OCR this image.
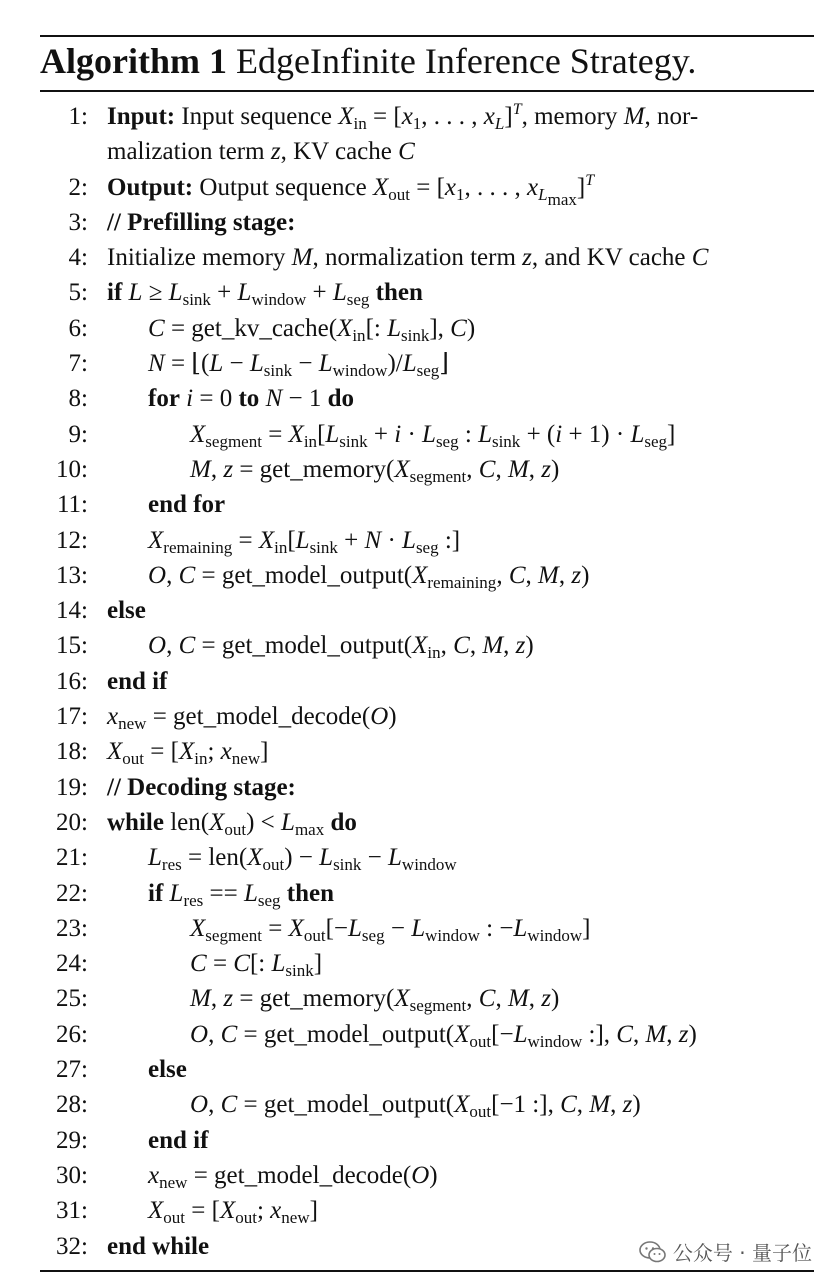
Algorithm 1 EdgeInfinite Inference Strategy.
1: Input: Input sequence $X_{in} = [x_1$, . . . , $x_L]^T$, memory M, nor-
malization term z, KV cache C
2: Output: Output sequence $X_{out} = [x_1$, . . . , $x_{L_{max}}]^T$
3: // Prefilling stage:
4: Initialize memory M, normalization term z, and KV cache C
5: if $L \ge L_{sink} + L_{window} + L_{seg}$ then
6: $C = get\_kv\_cache(X_{in}$[: $L_{sink}$], C)
7: N = ⌊(L − $L_{sink}$ − $L_{window})/L_{seg}⌋$
8: for i = 0 to N − 1 do
9:	$X_{segment} = X_{in}[L_{sink} + i \cdot L_{seg}$ : $L_{sink} + (i + 1) \cdot L_{seg}$]
10:	M, $z = get\_memory(X_{segment}$, C, M, z)
11: end for
12: $X_{remaining} = X_{in}[L_{sink} + N \cdot L_{seg}$ :]
13: O, $C = get\_model\_output(X_{remaining}$, C, M, z)
14: else
15: O, $C = get\_model\_output(X_{in}$, C, M, z)
16: end if
17: $x_{new}$ = get_model_decode(O)
18: $X_{out} = [X_{in}$; $x_{new}$]
19: // Decoding stage:
20: while $len(X_{out}) < L_{max}$ do
21: $L_{res} = len(X_{out}) - L_{sink} - L_{window}$
22: if $L_{res} == L_{seg}$ then
23:	$X_{segment} = X_{out}[-L_{seg} - L_{window}$ : $-L_{window}$]
24:	C = C[: $L_{sink}$]
25:	M, $z = get\_memory(X_{segment}$, C, M, z)
26:	O, $C = get\_model\_output(X_{out}[-L_{window}$ :], C, M, z)
27: else
28:	O, $C = get\_model\_output(X_{out}[-1$ :], C, M, z)
29: end if
30: $x_{new}$ = get_model_decode(O)
31: $X_{out} = [X_{out}$; $x_{new}$]
32: end while	公众号 · 量子位
